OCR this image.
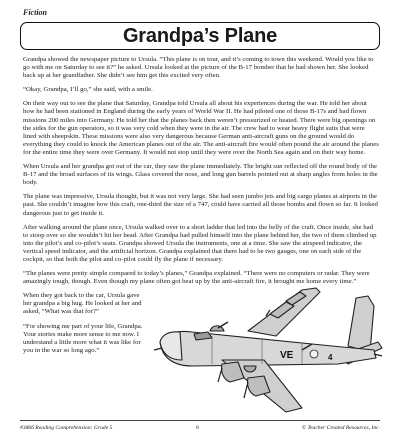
Fiction
Grandpa’s Plane

Grandpa showed the newspaper picture to Ursula. “This plane is on tour, and it’s coming to town this weekend. Would you like to go with me on Saturday to see it?” he asked. Ursula looked at the picture of the B-17 bomber that he had shown her. She looked back up at her grandfather. She didn’t see him get this excited very often.

“Okay, Grandpa, I’ll go,” she said, with a smile.

On their way out to see the plane that Saturday, Grandpa told Ursula all about his experiences during the war. He told her about how he had been stationed in England during the early years of World War II. He had piloted one of those B-17s and had flown missions 200 miles into Germany. He told her that the planes back then weren’t pressurized or heated. There were big openings on the sides for the gun operators, so it was very cold when they were in the air. The crew had to wear heavy flight suits that were lined with sheepskin. These missions were also very dangerous because German anti-aircraft guns on the ground would do everything they could to knock the American planes out of the air. The anti-aircraft fire would often pound the air around the planes for the entire time they were over Germany. It would not stop until they were over the North Sea again and on their way home.

When Ursula and her grandpa got out of the car, they saw the plane immediately. The bright sun reflected off the round body of the B-17 and the broad surfaces of its wings. Glass covered the nose, and long gun barrels pointed out at sharp angles from holes in the body.

The plane was impressive, Ursula thought, but it was not very large. She had seen jumbo jets and big cargo planes at airports in the past. She couldn’t imagine how this craft, one-third the size of a 747, could have carried all those bombs and flown so far. It looked dangerous just to get inside it.

After walking around the plane once, Ursula walked over to a short ladder that led into the belly of the craft. Once inside, she had to stoop over so she wouldn’t hit her head. After Grandpa had pulled himself into the plane behind her, the two of them climbed up into the pilot’s and co-pilot’s seats. Grandpa showed Ursula the instruments, one at a time. She saw the airspeed indicator, the vertical speed indicator, and the artificial horizon. Grandpa explained that there had to be two gauges, one on each side of the cockpit, so that both the pilot and co-pilot could fly the plane if necessary.

“The planes were pretty simple compared to today’s planes,” Grandpa explained. “There were no computers or radar. They were amazingly tough, though. Even though my plane often got beat up by the anti-aircraft fire, it brought me home every time.”

When they got back to the car, Ursula gave her grandpa a big hug. He looked at her and asked, “What was that for?”

“For showing me part of your life, Grandpa. Your stories make more sense to me now. I understand a little more what it was like for you in the war so long ago.”	VE	4
#3866 Reading Comprehension: Grade 5	8	© Teacher Created Resources, Inc.
